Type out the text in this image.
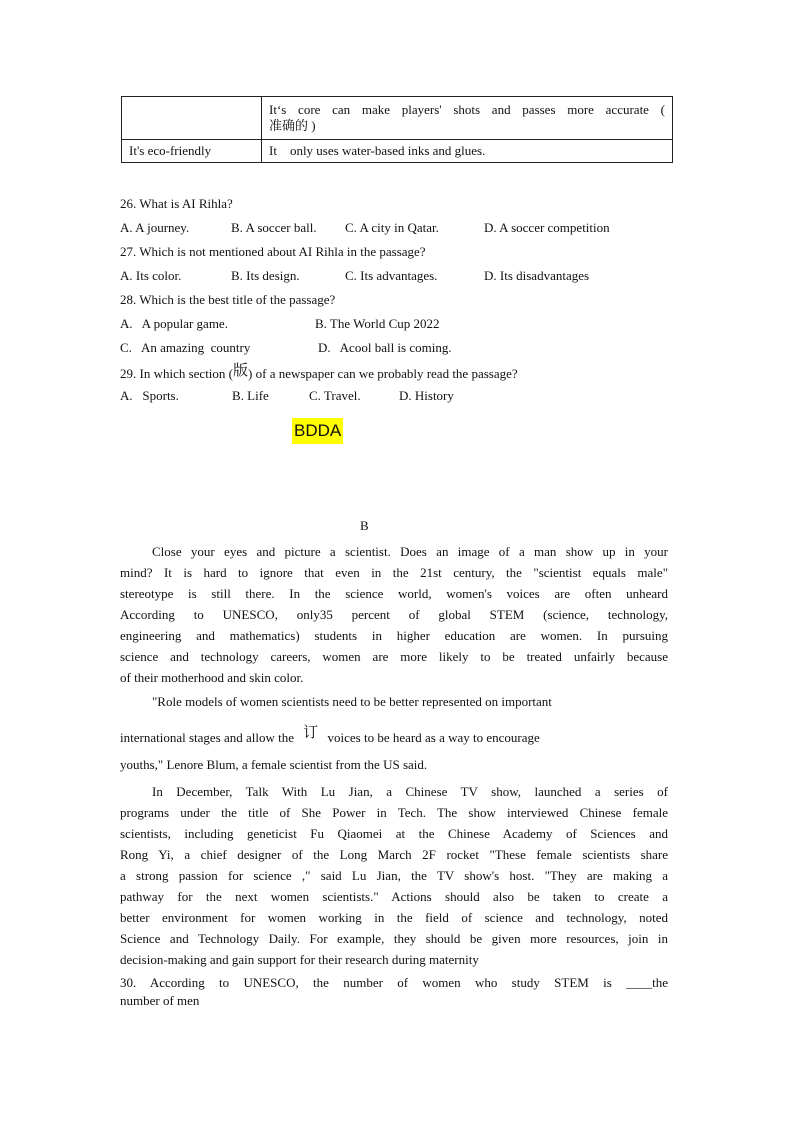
	It‘s core can make players' shots and passes more accurate (
准确的 )

It's eco-friendly	It    only uses water-based inks and glues.
26. What is AI Rihla?
A. A journey.	B. A soccer ball. C. A city in Qatar.	D. A soccer competition
27. Which is not mentioned about AI Rihla in the passage?
A. Its color.	B. Its design.	C. Its advantages.	D. Its disadvantages
28. Which is the best title of the passage?
A.   A popular game.	B. The World Cup 2022
C.   An amazing  country	D.   Acool ball is coming.
29. In which section (版) of a newspaper can we probably read the passage?
A.   Sports.	B. Life	C. Travel.	D. History
BDDA
B
Close your eyes and picture a scientist. Does an image of a man show up in your
mind? It is hard to ignore that even in the 21st century, the "scientist equals male"
stereotype is still there. In the science world, women's voices are often unheard
According to UNESCO, only35 percent of global STEM (science, technology,
engineering and mathematics) students in higher education are women. In pursuing
science and technology careers, women are more likely to be treated unfairly because
of their motherhood and skin color.
"Role models of women scientists need to be better represented on important
international stages and allow the 订 voices to be heard as a way to encourage
youths," Lenore Blum, a female scientist from the US said.
In December, Talk With Lu Jian, a Chinese TV show, launched a series of
programs under the title of She Power in Tech. The show interviewed Chinese female
scientists, including geneticist Fu Qiaomei at the Chinese Academy of Sciences and
Rong Yi, a chief designer of the Long March 2F rocket "These female scientists share
a strong passion for science ," said Lu Jian, the TV show's host. "They are making a
pathway for the next women scientists." Actions should also be taken to create a
better environment for women working in the field of science and technology, noted
Science and Technology Daily. For example, they should be given more resources, join in
decision-making and gain support for their research during maternity
30. According to UNESCO, the number of women who study STEM is ____the
number of men
